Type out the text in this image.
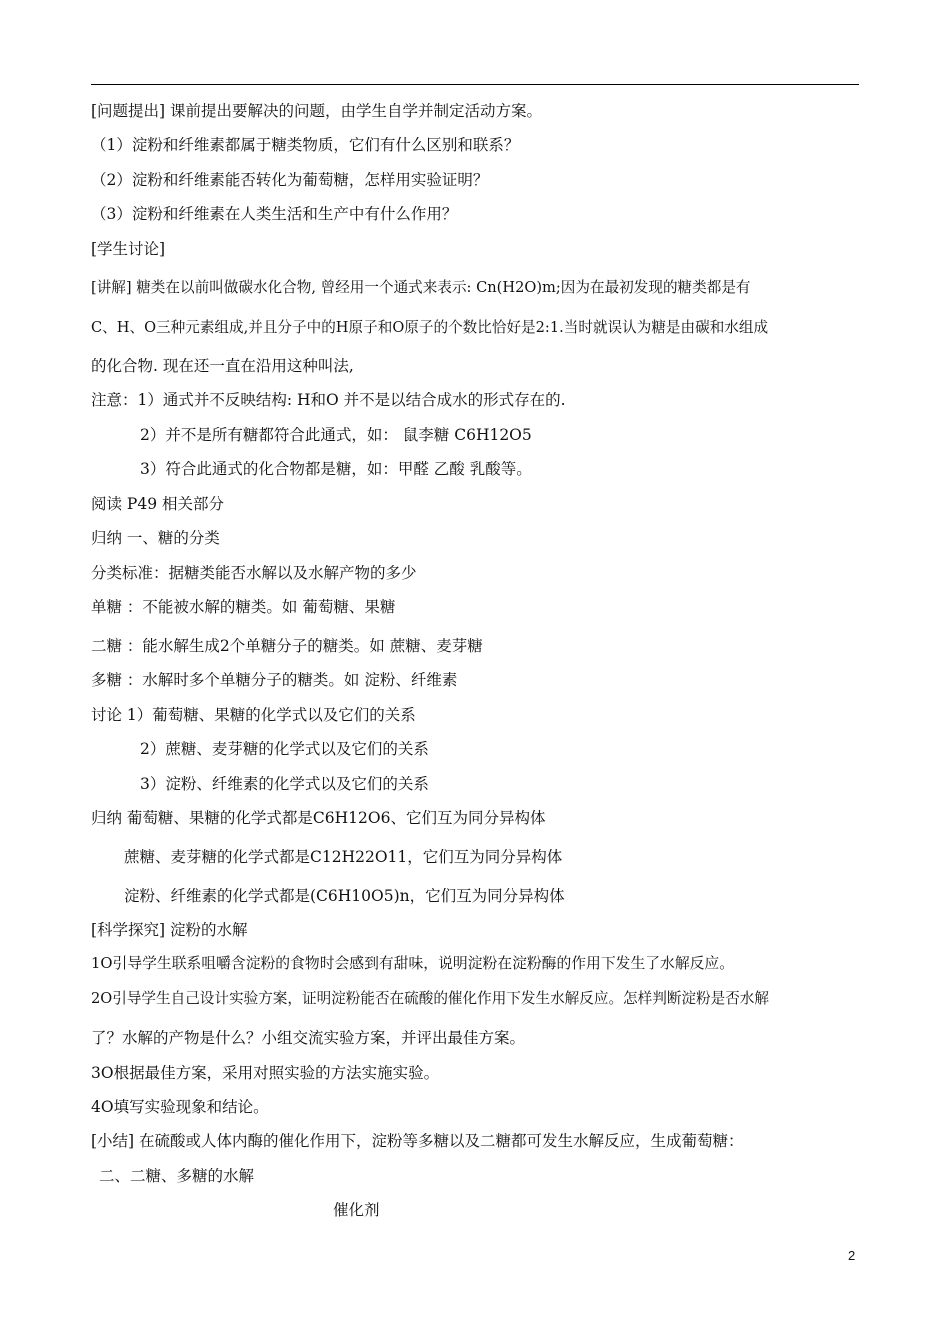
[问题提出] 课前提出要解决的问题，由学生自学并制定活动方案。
（1）淀粉和纤维素都属于糖类物质，它们有什么区别和联系？
（2）淀粉和纤维素能否转化为葡萄糖，怎样用实验证明？
（3）淀粉和纤维素在人类生活和生产中有什么作用？
[学生讨论]
[讲解] 糖类在以前叫做碳水化合物, 曾经用一个通式来表示: Cn(H2O)m;因为在最初发现的糖类都是有
C、H、O三种元素组成,并且分子中的H原子和O原子的个数比恰好是2:1.当时就误认为糖是由碳和水组成
的化合物. 现在还一直在沿用这种叫法,
注意：1）通式并不反映结构: H和O 并不是以结合成水的形式存在的.
2）并不是所有糖都符合此通式，如： 鼠李糖 C6H12O5
3）符合此通式的化合物都是糖，如：甲醛 乙酸 乳酸等。
阅读 P49 相关部分
归纳 一、糖的分类
分类标准：据糖类能否水解以及水解产物的多少
单糖 ：不能被水解的糖类。如 葡萄糖、果糖
二糖 ：能水解生成2个单糖分子的糖类。如 蔗糖、麦芽糖
多糖 ：水解时多个单糖分子的糖类。如 淀粉、纤维素
讨论 1）葡萄糖、果糖的化学式以及它们的关系
2）蔗糖、麦芽糖的化学式以及它们的关系
3）淀粉、纤维素的化学式以及它们的关系
归纳 葡萄糖、果糖的化学式都是C6H12O6、它们互为同分异构体
蔗糖、麦芽糖的化学式都是C12H22O11，它们互为同分异构体
淀粉、纤维素的化学式都是(C6H10O5)n，它们互为同分异构体
[科学探究] 淀粉的水解
1O引导学生联系咀嚼含淀粉的食物时会感到有甜味，说明淀粉在淀粉酶的作用下发生了水解反应。
2O引导学生自己设计实验方案，证明淀粉能否在硫酸的催化作用下发生水解反应。怎样判断淀粉是否水解
了？水解的产物是什么？小组交流实验方案，并评出最佳方案。
3O根据最佳方案，采用对照实验的方法实施实验。
4O填写实验现象和结论。
[小结] 在硫酸或人体内酶的催化作用下，淀粉等多糖以及二糖都可发生水解反应，生成葡萄糖：
二、二糖、多糖的水解
催化剂
2
